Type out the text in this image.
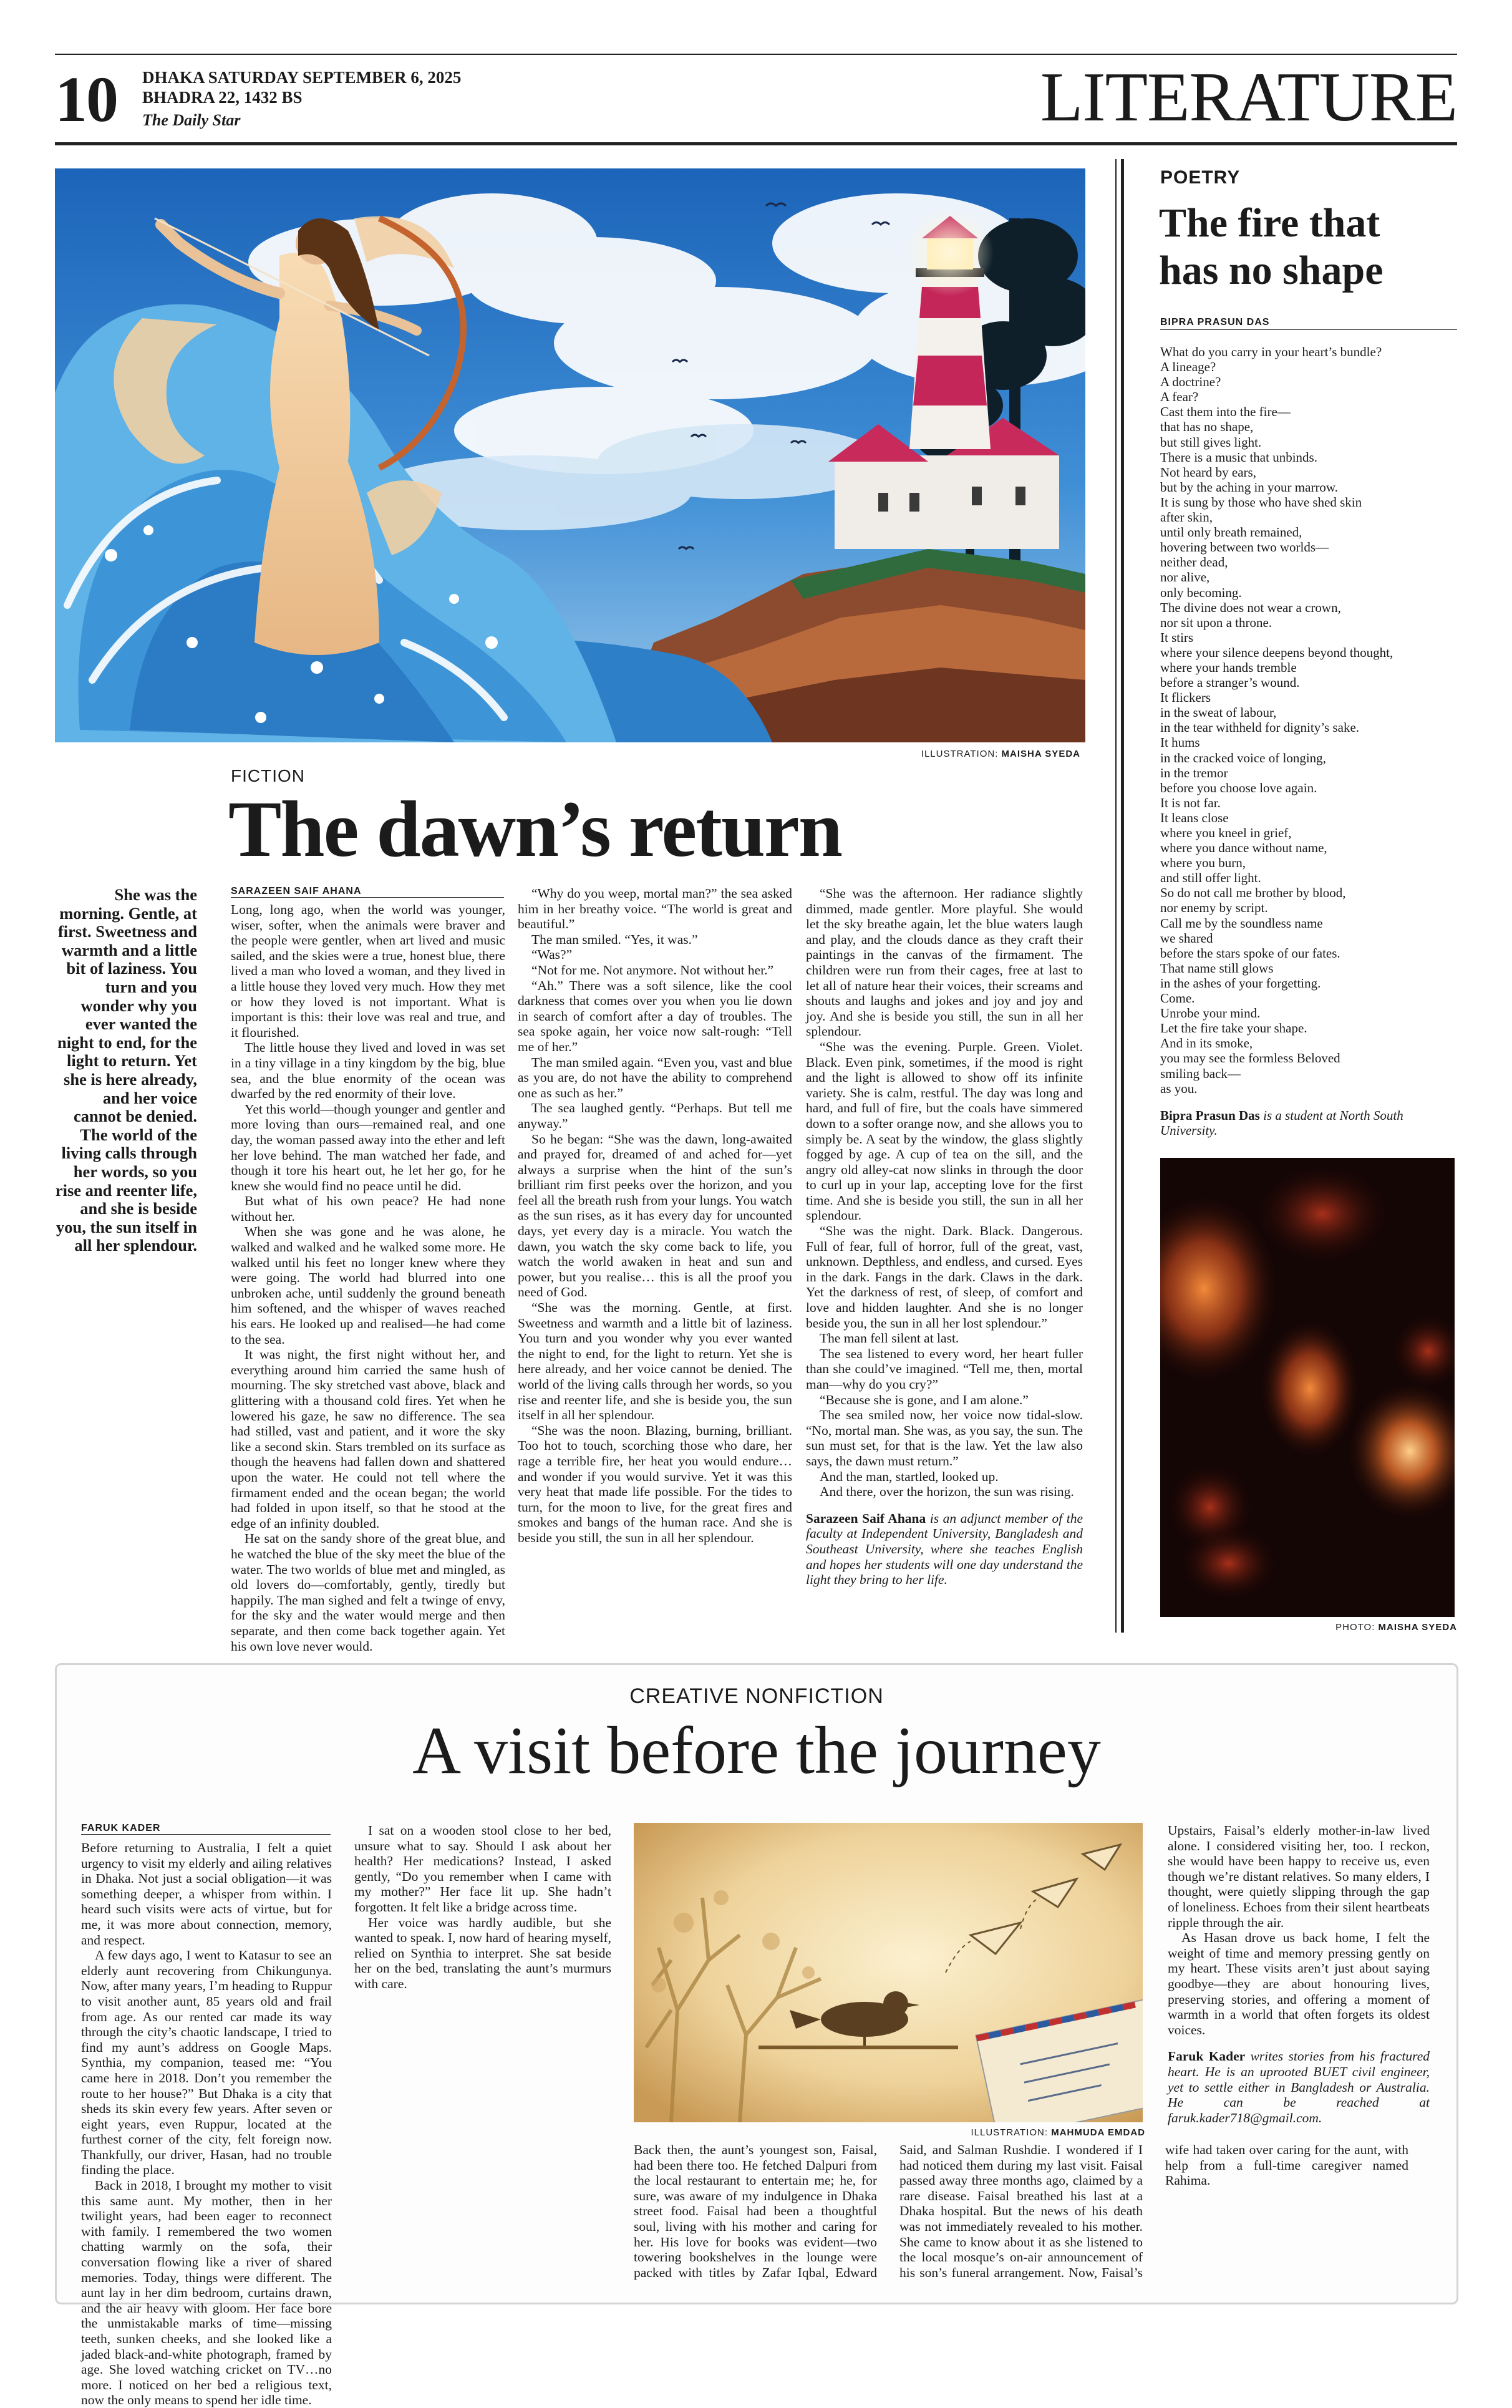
10 DHAKA SATURDAY SEPTEMBER 6, 2025
BHADRA 22, 1432 BS
The Daily Star	LITERATURE
ILLUSTRATION: MAISHA SYEDA
FICTION
The dawn’s return
She was the morning. Gentle, at first. Sweetness and warmth and a little bit of laziness. You turn and you wonder why you ever wanted the night to end, for the light to return. Yet she is here already, and her voice cannot be denied. The world of the living calls through her words, so you rise and reenter life, and she is beside you, the sun itself in all her splendour.
SARAZEEN SAIF AHANA

Long, long ago, when the world was younger, wiser, softer, when the animals were braver and the people were gentler, when art lived and music sailed, and the skies were a true, honest blue, there lived a man who loved a woman, and they lived in a little house they loved very much. How they met or how they loved is not important. What is important is this: their love was real and true, and it flourished.

The little house they lived and loved in was set in a tiny village in a tiny kingdom by the big, blue sea, and the blue enormity of the ocean was dwarfed by the red enormity of their love.

Yet this world—though younger and gentler and more loving than ours—remained real, and one day, the woman passed away into the ether and left her love behind. The man watched her fade, and though it tore his heart out, he let her go, for he knew she would find no peace until he did.

But what of his own peace? He had none without her.

When she was gone and he was alone, he walked and walked and he walked some more. He walked until his feet no longer knew where they were going. The world had blurred into one unbroken ache, until suddenly the ground beneath him softened, and the whisper of waves reached his ears. He looked up and realised—he had come to the sea.

It was night, the first night without her, and everything around him carried the same hush of mourning. The sky stretched vast above, black and glittering with a thousand cold fires. Yet when he lowered his gaze, he saw no difference. The sea had stilled, vast and patient, and it wore the sky like a second skin. Stars trembled on its surface as though the heavens had fallen down and shattered upon the water. He could not tell where the firmament ended and the ocean began; the world had folded in upon itself, so that he stood at the edge of an infinity doubled.

He sat on the sandy shore of the great blue, and he watched the blue of the sky meet the blue of the water. The two worlds of blue met and mingled, as old lovers do—comfortably, gently, tiredly but happily. The man sighed and felt a twinge of envy, for the sky and the water would merge and then separate, and then come back together again. Yet his own love never would.

“Why do you weep, mortal man?” the sea asked him in her breathy voice. “The world is great and beautiful.”

The man smiled. “Yes, it was.”

“Was?”

“Not for me. Not anymore. Not without her.”

“Ah.” There was a soft silence, like the cool darkness that comes over you when you lie down in search of comfort after a day of troubles. The sea spoke again, her voice now salt-rough: “Tell me of her.”

The man smiled again. “Even you, vast and blue as you are, do not have the ability to comprehend one as such as her.”

The sea laughed gently. “Perhaps. But tell me anyway.”

So he began: “She was the dawn, long-awaited and prayed for, dreamed of and ached for—yet always a surprise when the hint of the sun’s brilliant rim first peeks over the horizon, and you feel all the breath rush from your lungs. You watch as the sun rises, as it has every day for uncounted days, yet every day is a miracle. You watch the dawn, you watch the sky come back to life, you watch the world awaken in heat and sun and power, but you realise… this is all the proof you need of God.

“She was the morning. Gentle, at first. Sweetness and warmth and a little bit of laziness. You turn and you wonder why you ever wanted the night to end, for the light to return. Yet she is here already, and her voice cannot be denied. The world of the living calls through her words, so you rise and reenter life, and she is beside you, the sun itself in all her splendour.

“She was the noon. Blazing, burning, brilliant. Too hot to touch, scorching those who dare, her rage a terrible fire, her heat you would endure… and wonder if you would survive. Yet it was this very heat that made life possible. For the tides to turn, for the moon to live, for the great fires and smokes and bangs of the human race. And she is beside you still, the sun in all her splendour.

“She was the afternoon. Her radiance slightly dimmed, made gentler. More playful. She would let the sky breathe again, let the blue waters laugh and play, and the clouds dance as they craft their paintings in the canvas of the firmament. The children were run from their cages, free at last to let all of nature hear their voices, their screams and shouts and laughs and jokes and joy and joy and joy. And she is beside you still, the sun in all her splendour.

“She was the evening. Purple. Green. Violet. Black. Even pink, sometimes, if the mood is right and the light is allowed to show off its infinite variety. She is calm, restful. The day was long and hard, and full of fire, but the coals have simmered down to a softer orange now, and she allows you to simply be. A seat by the window, the glass slightly fogged by age. A cup of tea on the sill, and the angry old alley-cat now slinks in through the door to curl up in your lap, accepting love for the first time. And she is beside you still, the sun in all her splendour.

“She was the night. Dark. Black. Dangerous. Full of fear, full of horror, full of the great, vast, unknown. Depthless, and endless, and cursed. Eyes in the dark. Fangs in the dark. Claws in the dark. Yet the darkness of rest, of sleep, of comfort and love and hidden laughter. And she is no longer beside you, the sun in all her lost splendour.”

The man fell silent at last.

The sea listened to every word, her heart fuller than she could’ve imagined. “Tell me, then, mortal man—why do you cry?”

“Because she is gone, and I am alone.”

The sea smiled now, her voice now tidal-slow. “No, mortal man. She was, as you say, the sun. The sun must set, for that is the law. Yet the law also says, the dawn must return.”

And the man, startled, looked up.

And there, over the horizon, the sun was rising.

Sarazeen Saif Ahana is an adjunct member of the faculty at Independent University, Bangladesh and Southeast University, where she teaches English and hopes her students will one day understand the light they bring to her life.

POETRY
The fire that
has no shape
BIPRA PRASUN DAS
What do you carry in your heart’s bundle?
A lineage?
A doctrine?
A fear?
Cast them into the fire—
that has no shape,
but still gives light.
There is a music that unbinds.
Not heard by ears,
but by the aching in your marrow.
It is sung by those who have shed skin
after skin,
until only breath remained,
hovering between two worlds—
neither dead,
nor alive,
only becoming.
The divine does not wear a crown,
nor sit upon a throne.
It stirs
where your silence deepens beyond thought,
where your hands tremble
before a stranger’s wound.
It flickers
in the sweat of labour,
in the tear withheld for dignity’s sake.
It hums
in the cracked voice of longing,
in the tremor
before you choose love again.
It is not far.
It leans close
where you kneel in grief,
where you dance without name,
where you burn,
and still offer light.
So do not call me brother by blood,
nor enemy by script.
Call me by the soundless name
we shared
before the stars spoke of our fates.
That name still glows
in the ashes of your forgetting.
Come.
Unrobe your mind.
Let the fire take your shape.
And in its smoke,
you may see the formless Beloved
smiling back—
as you.
Bipra Prasun Das is a student at North South University.
PHOTO: MAISHA SYEDA
CREATIVE NONFICTION
A visit before the journey
FARUK KADER

Before returning to Australia, I felt a quiet urgency to visit my elderly and ailing relatives in Dhaka. Not just a social obligation—it was something deeper, a whisper from within. I heard such visits were acts of virtue, but for me, it was more about connection, memory, and respect.

A few days ago, I went to Katasur to see an elderly aunt recovering from Chikungunya. Now, after many years, I’m heading to Ruppur to visit another aunt, 85 years old and frail from age. As our rented car made its way through the city’s chaotic landscape, I tried to find my aunt’s address on Google Maps. Synthia, my companion, teased me: “You came here in 2018. Don’t you remember the route to her house?” But Dhaka is a city that sheds its skin every few years. After seven or eight years, even Ruppur, located at the furthest corner of the city, felt foreign now. Thankfully, our driver, Hasan, had no trouble finding the place.

Back in 2018, I brought my mother to visit this same aunt. My mother, then in her twilight years, had been eager to reconnect with family. I remembered the two women chatting warmly on the sofa, their conversation flowing like a river of shared memories. Today, things were different. The aunt lay in her dim bedroom, curtains drawn, and the air heavy with gloom. Her face bore the unmistakable marks of time—missing teeth, sunken cheeks, and she looked like a jaded black-and-white photograph, framed by age. She loved watching cricket on TV…no more. I noticed on her bed a religious text, now the only means to spend her idle time.

I sat on a wooden stool close to her bed, unsure what to say. Should I ask about her health? Her medications? Instead, I asked gently, “Do you remember when I came with my mother?” Her face lit up. She hadn’t forgotten. It felt like a bridge across time.

Her voice was hardly audible, but she wanted to speak. I, now hard of hearing myself, relied on Synthia to interpret. She sat beside her on the bed, translating the aunt’s murmurs with care.

ILLUSTRATION: MAHMUDA EMDAD

Back then, the aunt’s youngest son, Faisal, had been there too. He fetched Dalpuri from the local restaurant to entertain me; he, for sure, was aware of my indulgence in Dhaka street food. Faisal had been a thoughtful soul, living with his mother and caring for her. His love for books was evident—two towering bookshelves in the lounge were packed with titles by Zafar Iqbal, Edward Said, and Salman Rushdie. I wondered if I had noticed them during my last visit. Faisal passed away three months ago, claimed by a rare disease. Faisal breathed his last at a Dhaka hospital. But the news of his death was not immediately revealed to his mother. She came to know about it as she listened to the local mosque’s on-air announcement of his son’s funeral arrangement. Now, Faisal’s wife had taken over caring for the aunt, with help from a full-time caregiver named Rahima.

Upstairs, Faisal’s elderly mother-in-law lived alone. I considered visiting her, too. I reckon, she would have been happy to receive us, even though we’re distant relatives. So many elders, I thought, were quietly slipping through the gap of loneliness. Echoes from their silent heartbeats ripple through the air.

As Hasan drove us back home, I felt the weight of time and memory pressing gently on my heart. These visits aren’t just about saying goodbye—they are about honouring lives, preserving stories, and offering a moment of warmth in a world that often forgets its oldest voices.

Faruk Kader writes stories from his fractured heart. He is an uprooted BUET civil engineer, yet to settle either in Bangladesh or Australia. He can be reached at faruk.kader718@gmail.com.
